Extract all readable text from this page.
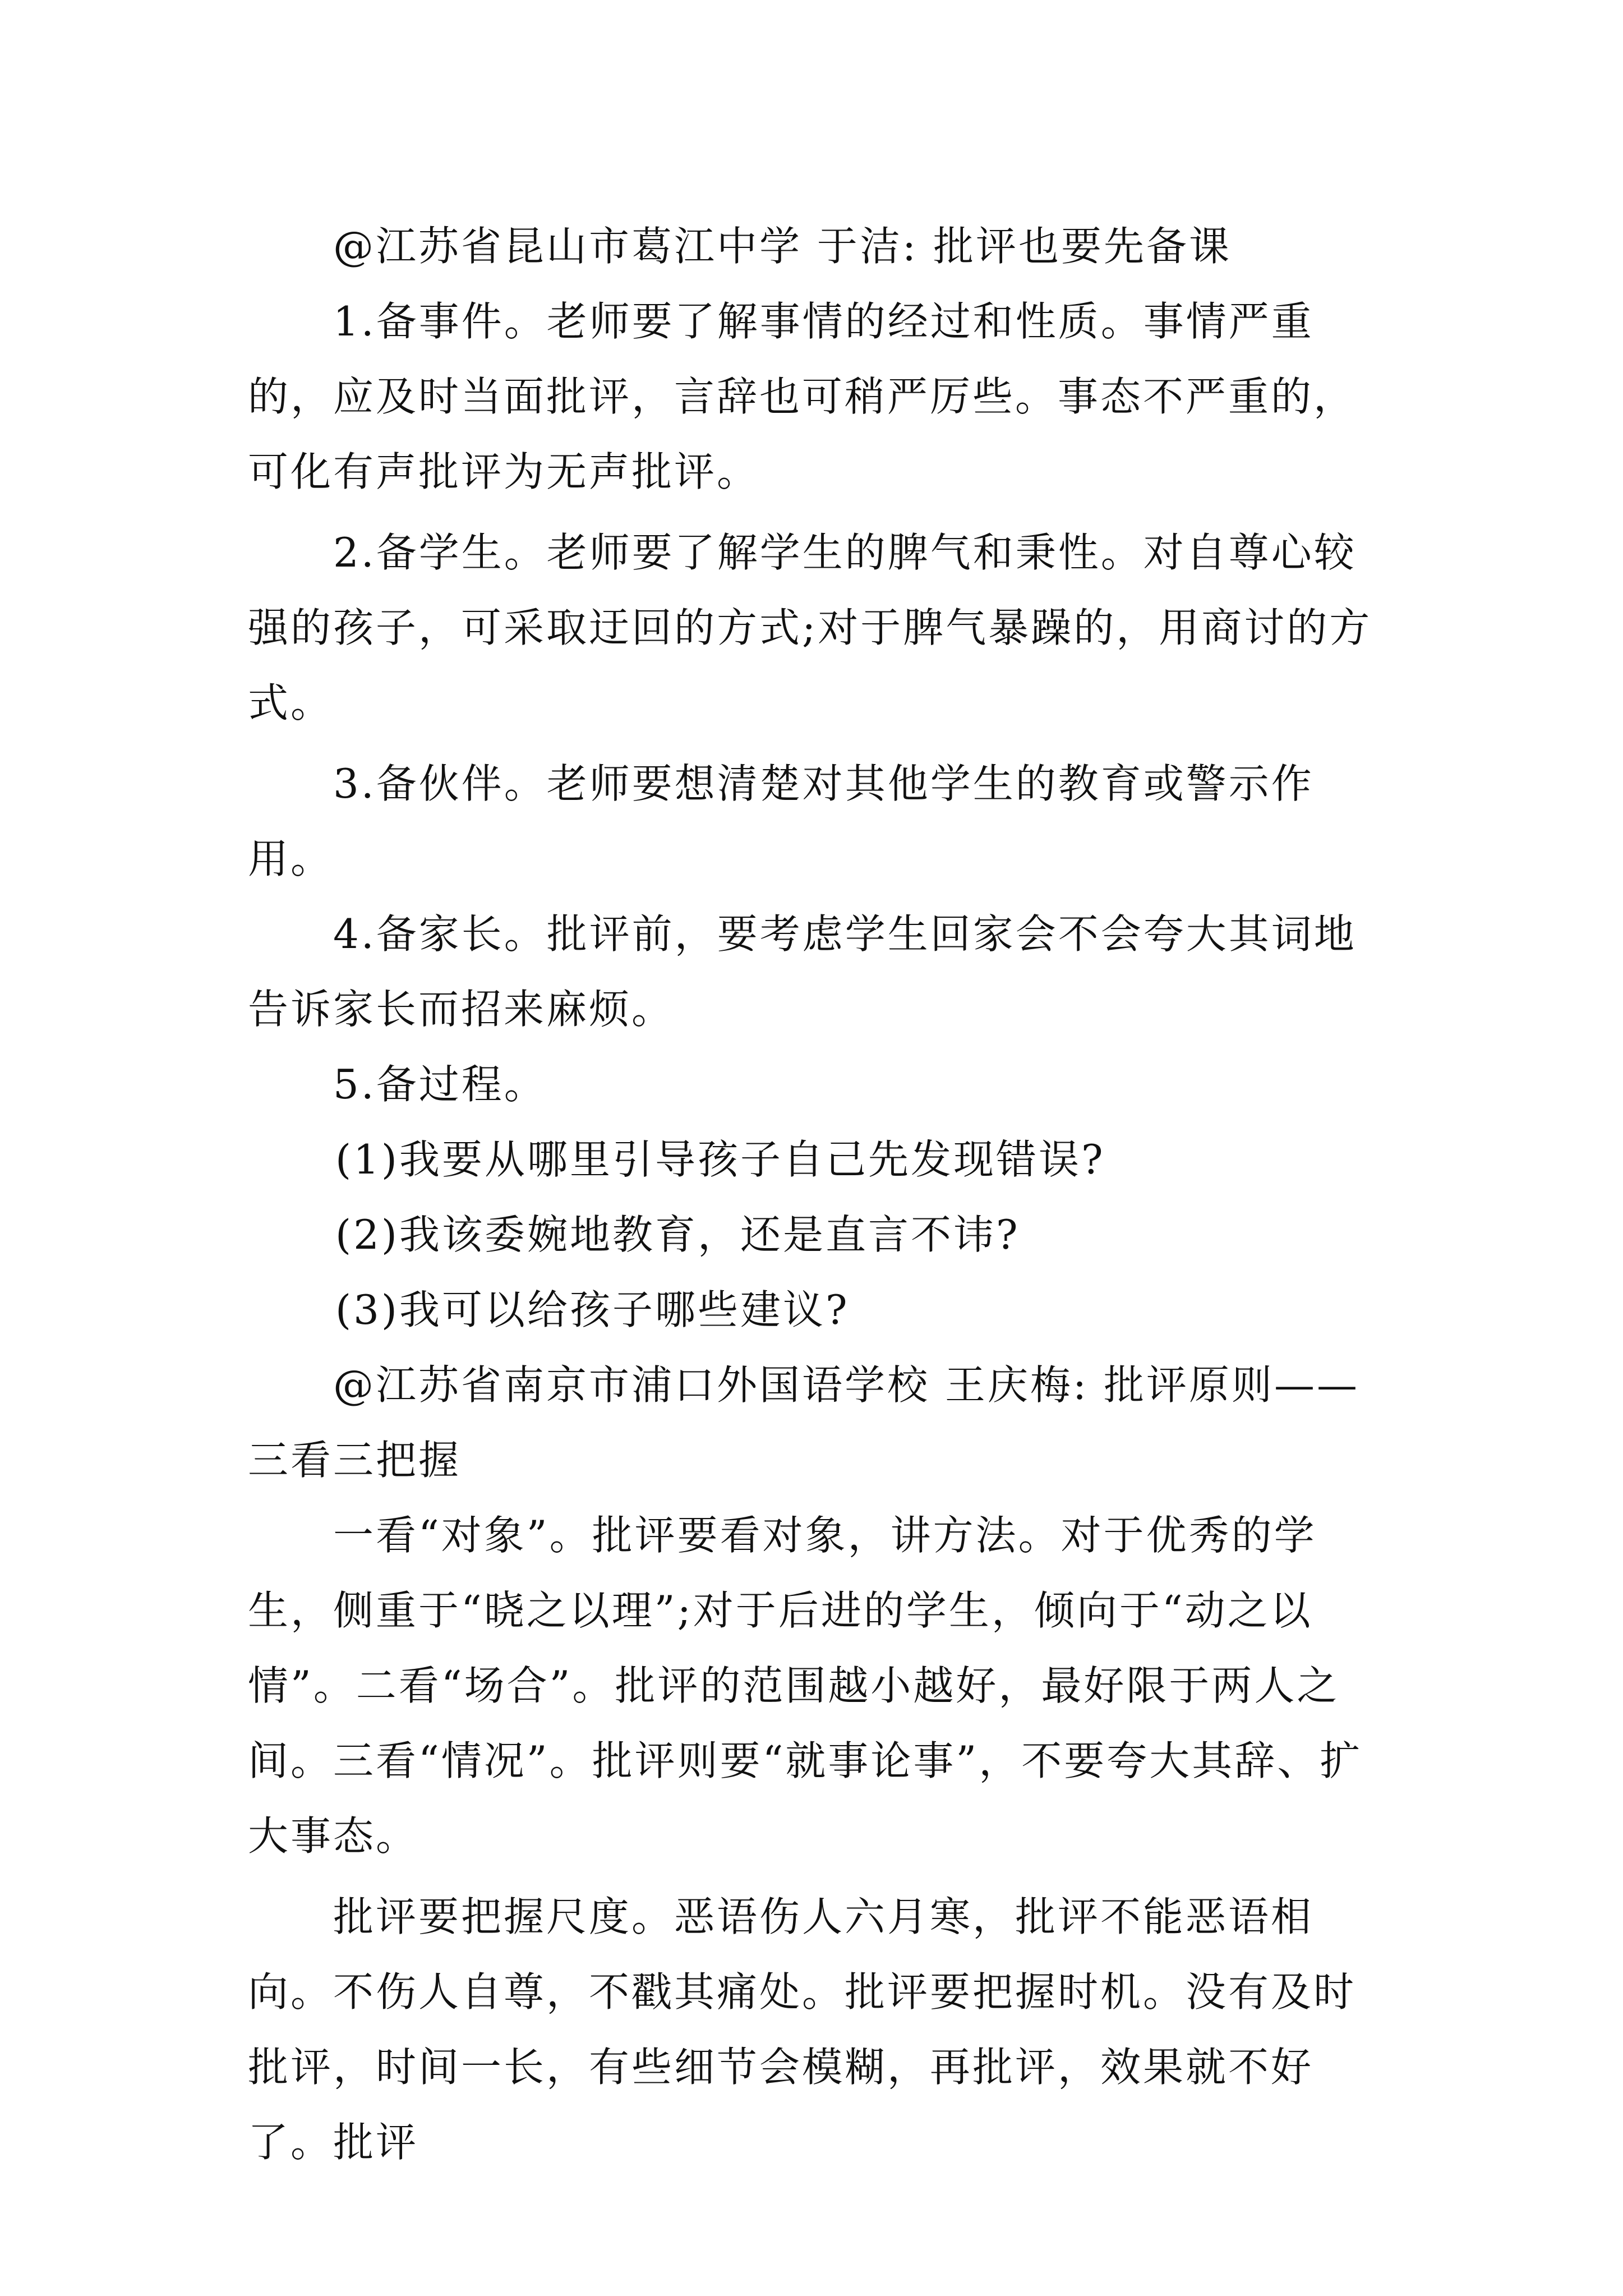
@江苏省昆山市葛江中学 于洁: 批评也要先备课

1.备事件。老师要了解事情的经过和性质。事情严重的，应及时当面批评，言辞也可稍严厉些。事态不严重的，可化有声批评为无声批评。

2.备学生。老师要了解学生的脾气和秉性。对自尊心较强的孩子，可采取迂回的方式;对于脾气暴躁的，用商讨的方式。

3.备伙伴。老师要想清楚对其他学生的教育或警示作用。

4.备家长。批评前，要考虑学生回家会不会夸大其词地告诉家长而招来麻烦。

5.备过程。

(1)我要从哪里引导孩子自己先发现错误?

(2)我该委婉地教育，还是直言不讳?

(3)我可以给孩子哪些建议?

@江苏省南京市浦口外国语学校 王庆梅: 批评原则——三看三把握

一看“对象”。批评要看对象，讲方法。对于优秀的学生，侧重于“晓之以理”;对于后进的学生，倾向于“动之以情”。二看“场合”。批评的范围越小越好，最好限于两人之间。三看“情况”。批评则要“就事论事”，不要夸大其辞、扩大事态。

批评要把握尺度。恶语伤人六月寒，批评不能恶语相向。不伤人自尊，不戳其痛处。批评要把握时机。没有及时批评，时间一长，有些细节会模糊，再批评，效果就不好了。批评
